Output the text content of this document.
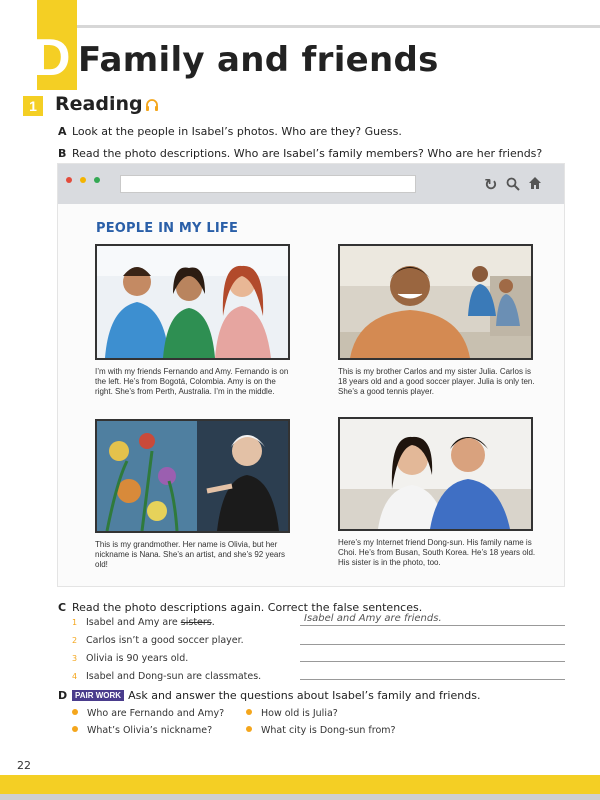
D Family and friends
1 Reading
A Look at the people in Isabel’s photos. Who are they? Guess.
B Read the photo descriptions. Who are Isabel’s family members? Who are her friends?
↻
PEOPLE IN MY LIFE
I’m with my friends Fernando and Amy. Fernando is on the left. He’s from Bogotá, Colombia. Amy is on the right. She’s from Perth, Australia. I’m in the middle.
This is my brother Carlos and my sister Julia. Carlos is 18 years old and a good soccer player. Julia is only ten. She’s a good tennis player.
This is my grandmother. Her name is Olivia, but her nickname is Nana. She’s an artist, and she’s 92 years old!
Here’s my Internet friend Dong-sun. His family name is Choi. He’s from Busan, South Korea. He’s 18 years old. His sister is in the photo, too.
C Read the photo descriptions again. Correct the false sentences.
1 Isabel and Amy are sisters.	Isabel and Amy are friends.
2 Carlos isn’t a good soccer player.
3 Olivia is 90 years old.
4 Isabel and Dong-sun are classmates.
D PAIR WORK Ask and answer the questions about Isabel’s family and friends.
Who are Fernando and Amy?	How old is Julia?
What’s Olivia’s nickname?	What city is Dong-sun from?
22
